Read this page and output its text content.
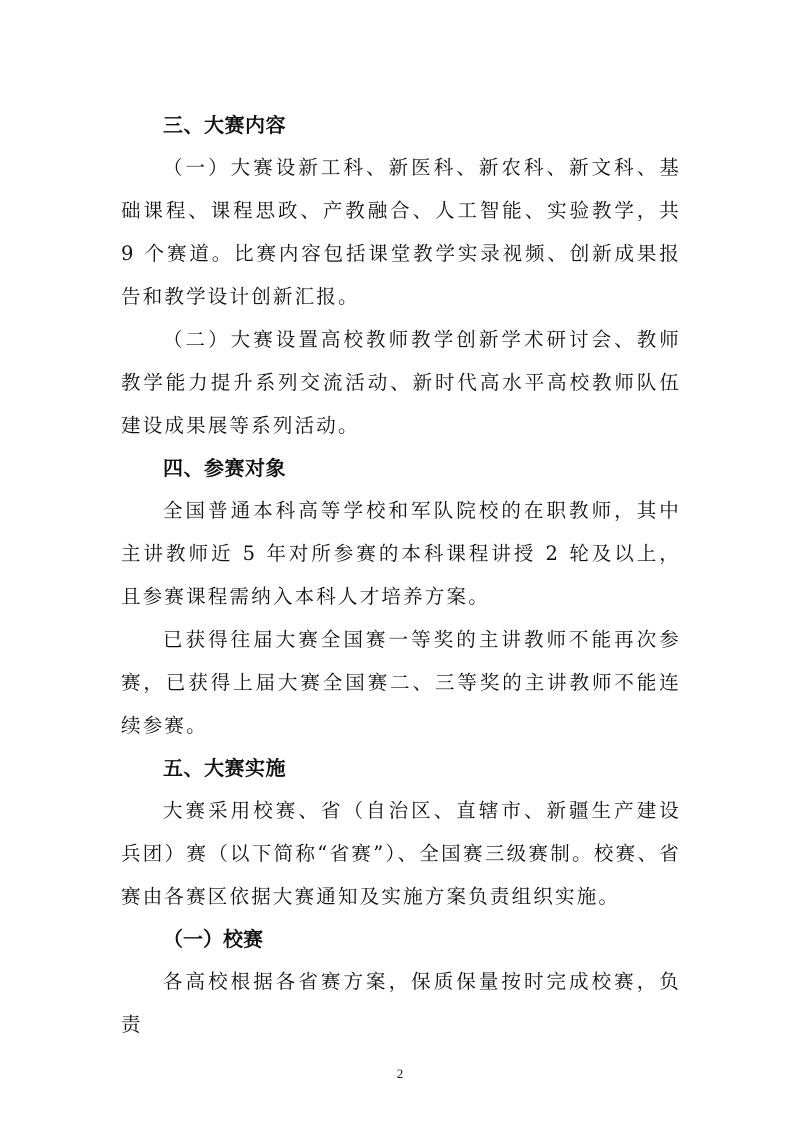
三、大赛内容

（一）大赛设新工科、新医科、新农科、新文科、基础课程、课程思政、产教融合、人工智能、实验教学，共 9 个赛道。比赛内容包括课堂教学实录视频、创新成果报告和教学设计创新汇报。

（二）大赛设置高校教师教学创新学术研讨会、教师教学能力提升系列交流活动、新时代高水平高校教师队伍建设成果展等系列活动。

四、参赛对象

全国普通本科高等学校和军队院校的在职教师，其中主讲教师近 5 年对所参赛的本科课程讲授 2 轮及以上，且参赛课程需纳入本科人才培养方案。

已获得往届大赛全国赛一等奖的主讲教师不能再次参赛，已获得上届大赛全国赛二、三等奖的主讲教师不能连续参赛。

五、大赛实施

大赛采用校赛、省（自治区、直辖市、新疆生产建设兵团）赛（以下简称“省赛”）、全国赛三级赛制。校赛、省赛由各赛区依据大赛通知及实施方案负责组织实施。

（一）校赛

各高校根据各省赛方案，保质保量按时完成校赛，负责

2
